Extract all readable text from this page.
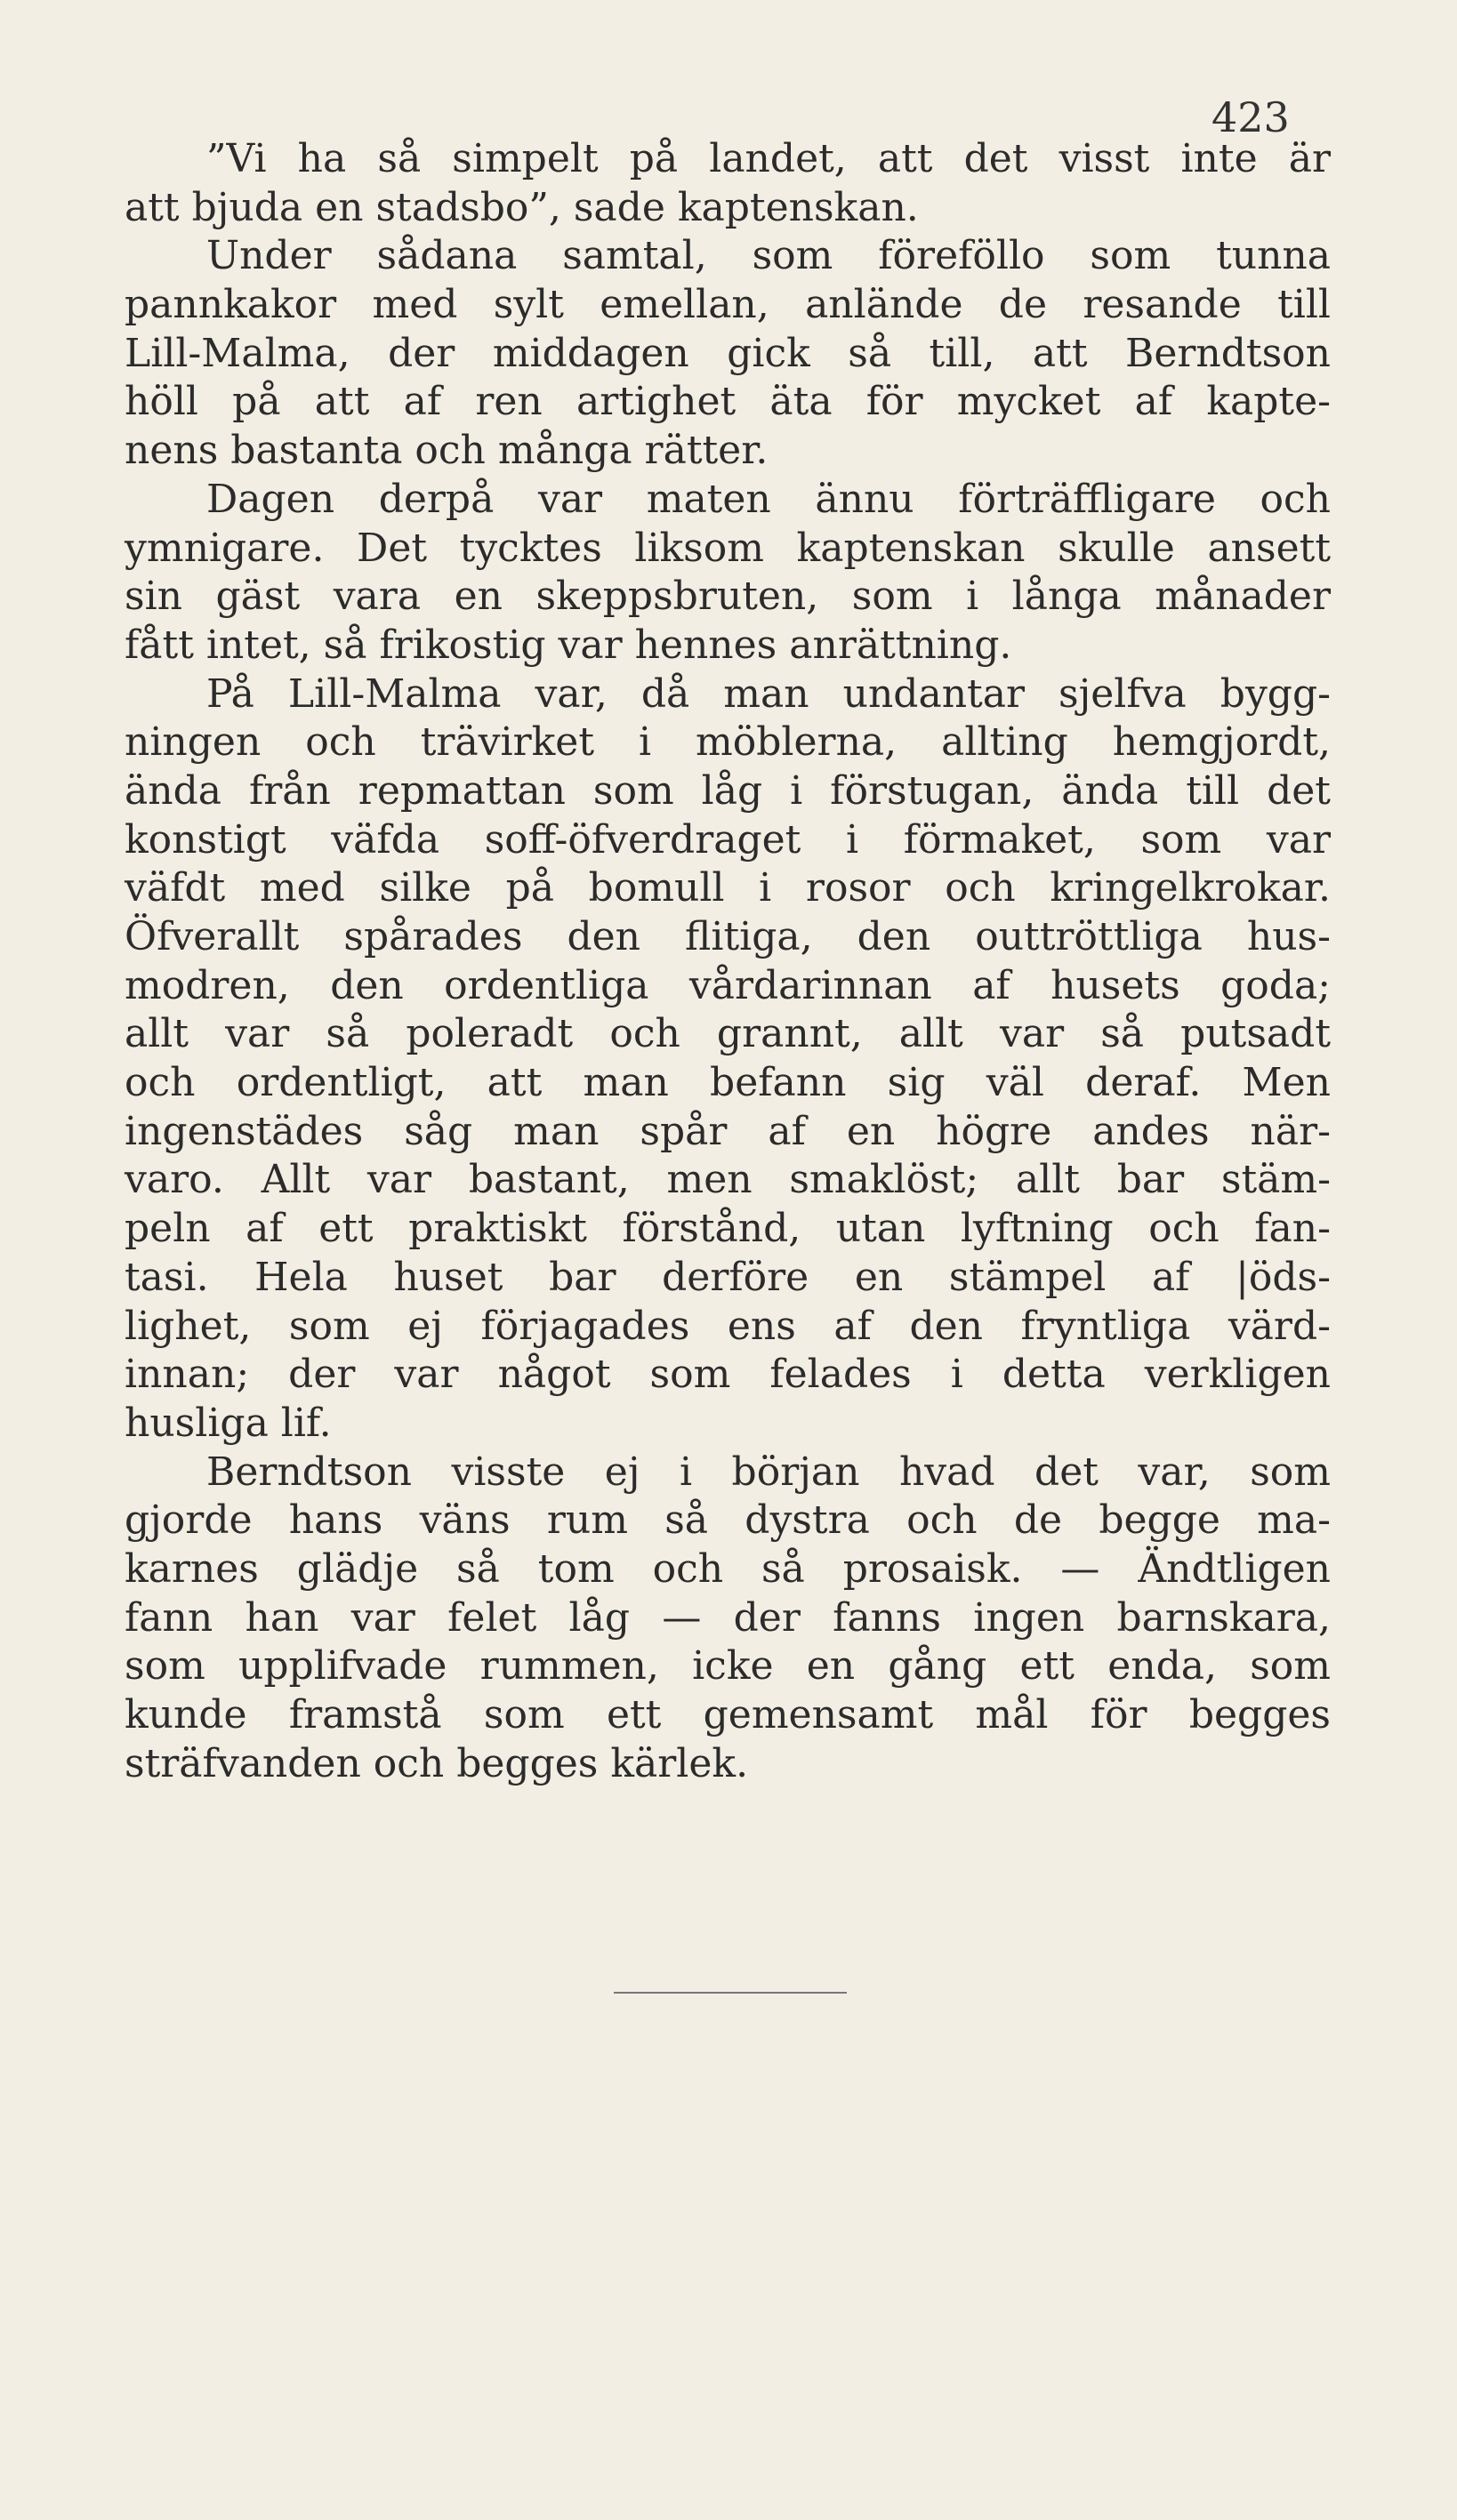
423
”Vi ha så simpelt på landet, att det visst inte är
att bjuda en stadsbo”, sade kaptenskan.
Under sådana samtal, som föreföllo som tunna
pannkakor med sylt emellan, anlände de resande till
Lill-Malma, der middagen gick så till, att Berndtson
höll på att af ren artighet äta för mycket af kapte-
nens bastanta och många rätter.
Dagen derpå var maten ännu förträffligare och
ymnigare. Det tycktes liksom kaptenskan skulle ansett
sin gäst vara en skeppsbruten, som i långa månader
fått intet, så frikostig var hennes anrättning.
På Lill-Malma var, då man undantar sjelfva bygg-
ningen och trävirket i möblerna, allting hemgjordt,
ända från repmattan som låg i förstugan, ända till det
konstigt väfda soff-öfverdraget i förmaket, som var
väfdt med silke på bomull i rosor och kringelkrokar.
Öfverallt spårades den flitiga, den outtröttliga hus-
modren, den ordentliga vårdarinnan af husets goda;
allt var så poleradt och grannt, allt var så putsadt
och ordentligt, att man befann sig väl deraf. Men
ingenstädes såg man spår af en högre andes när-
varo. Allt var bastant, men smaklöst; allt bar stäm-
peln af ett praktiskt förstånd, utan lyftning och fan-
tasi. Hela huset bar derföre en stämpel af |öds-
lighet, som ej förjagades ens af den fryntliga värd-
innan; der var något som felades i detta verkligen
husliga lif.
Berndtson visste ej i början hvad det var, som
gjorde hans väns rum så dystra och de begge ma-
karnes glädje så tom och så prosaisk. — Ändtligen
fann han var felet låg — der fanns ingen barnskara,
som upplifvade rummen, icke en gång ett enda, som
kunde framstå som ett gemensamt mål för begges
sträfvanden och begges kärlek.
